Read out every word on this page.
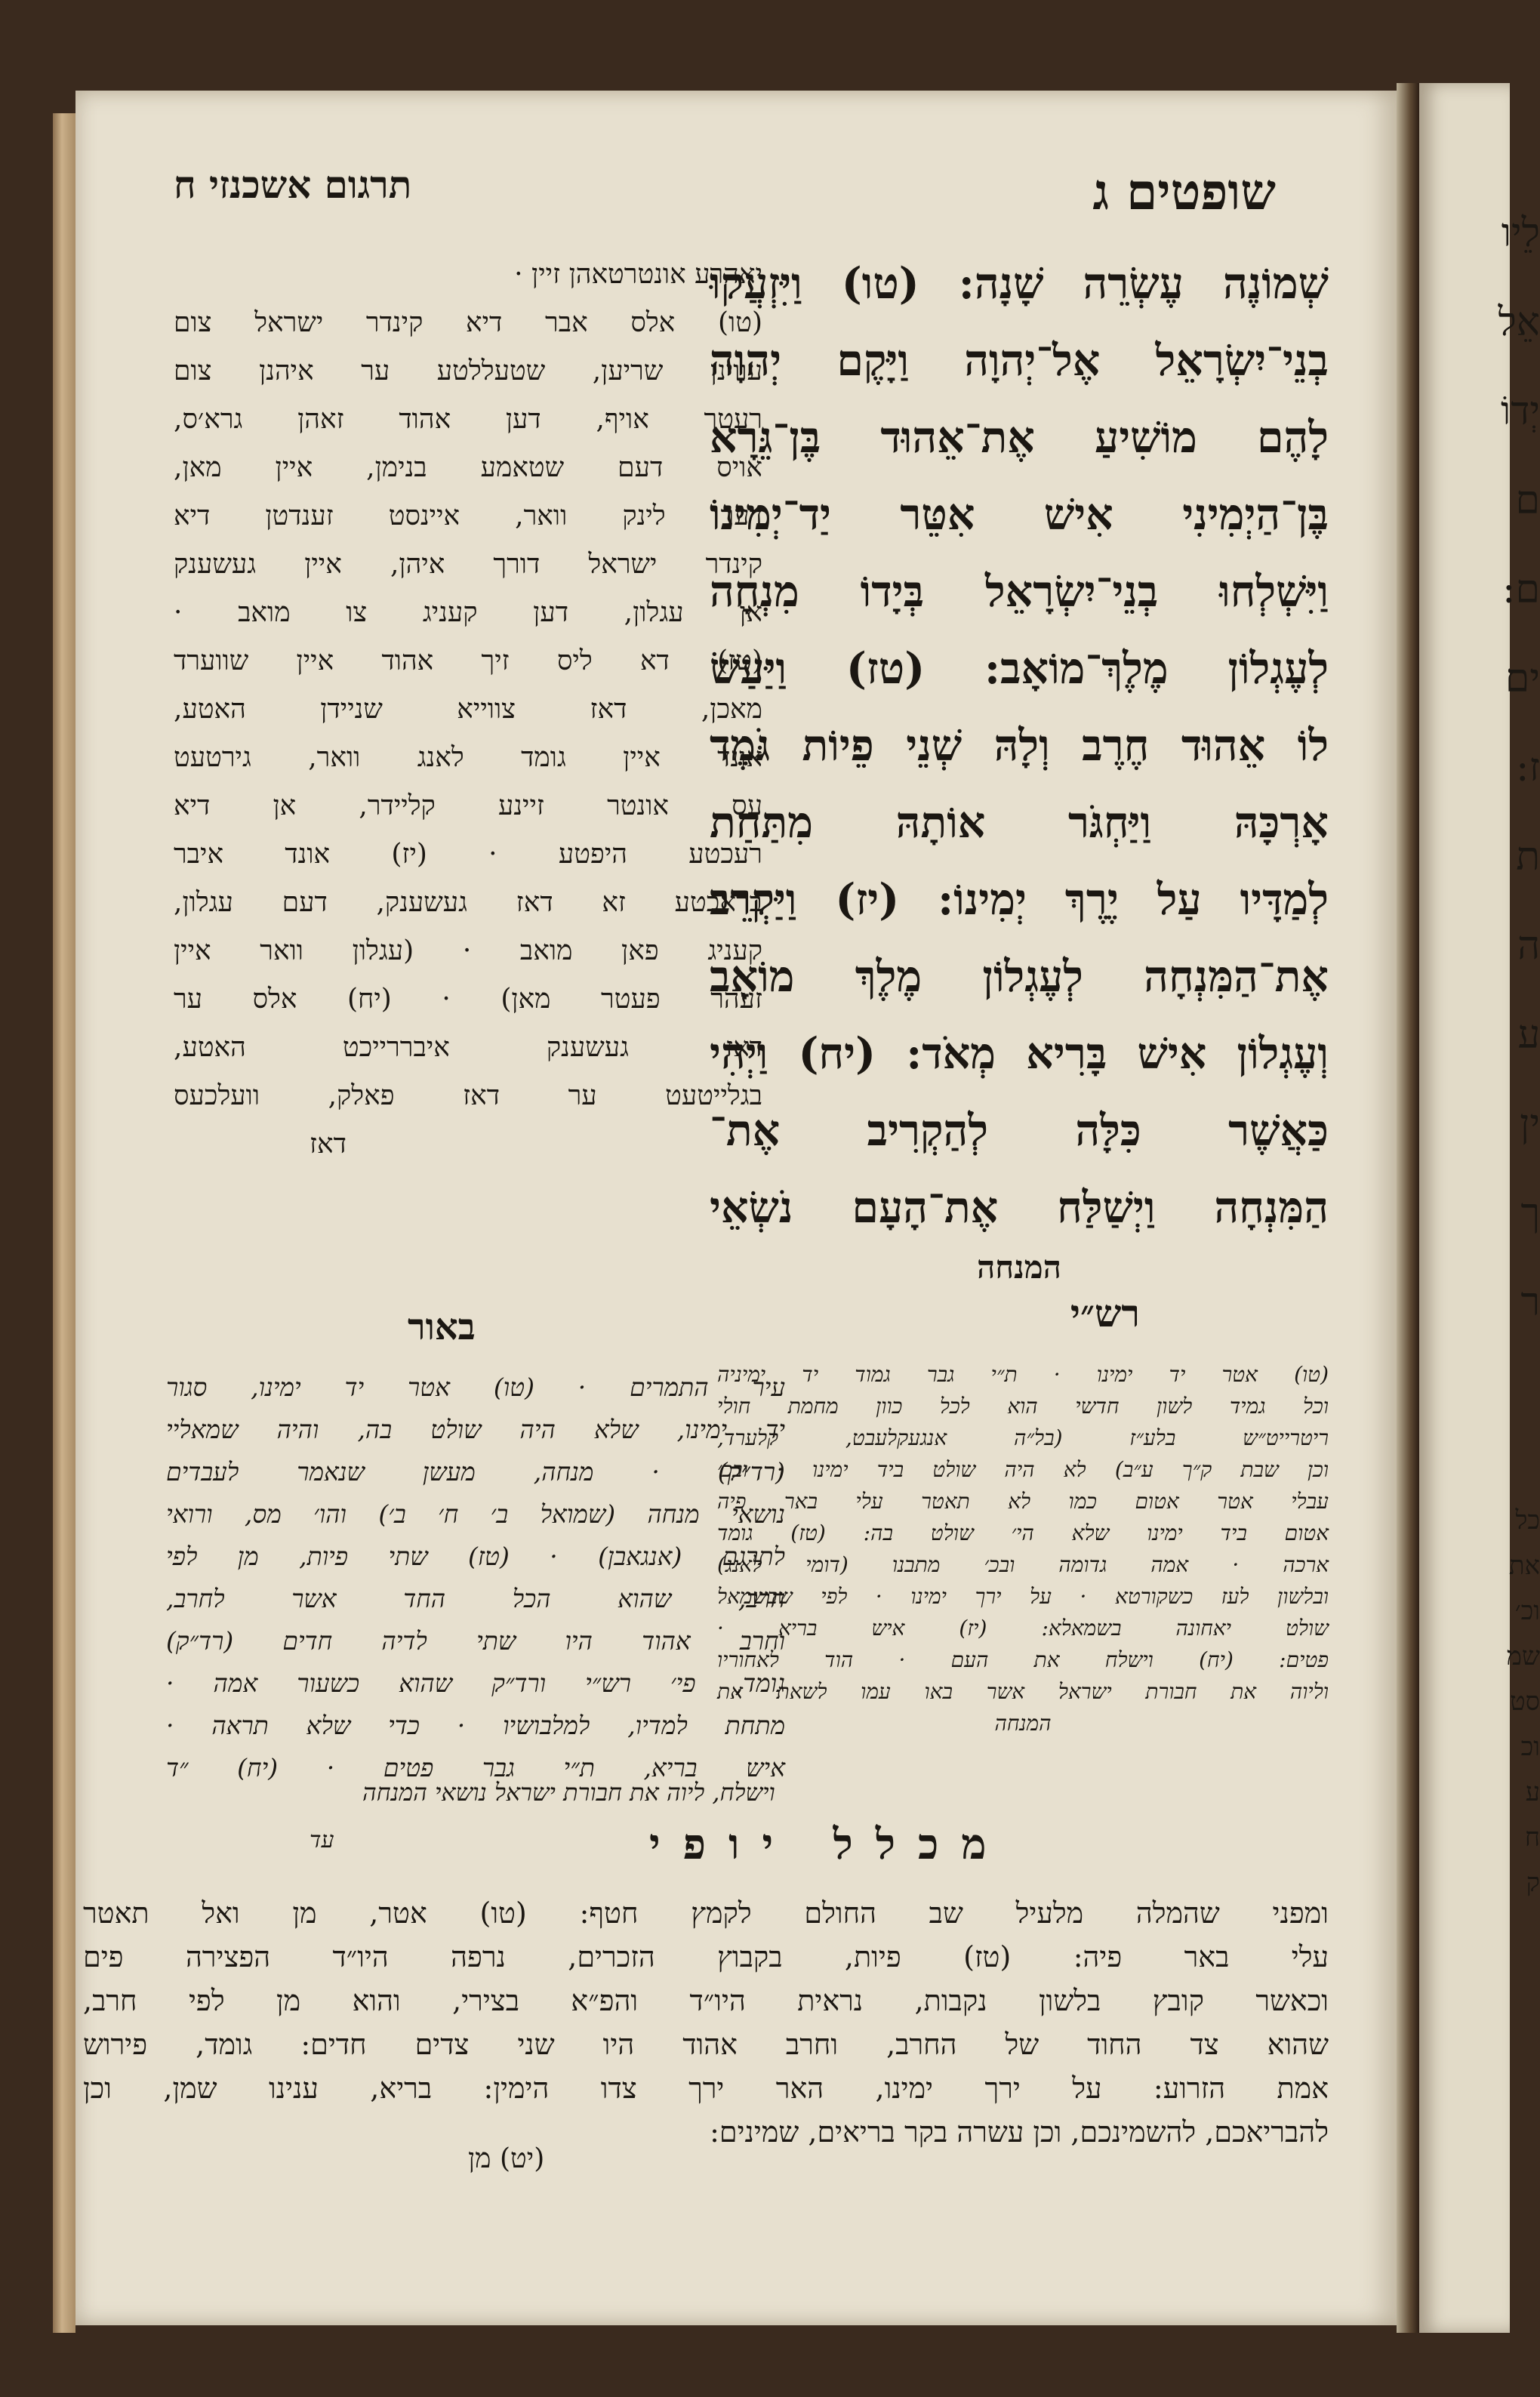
שופטים ג
תרגום אשכנזי ח
שְׁמוֹנֶה עֶשְׂרֵה שָׁנָה: (טו) וַיִּזְעֲקוּ
בְנֵי־יִשְׂרָאֵל אֶל־יְהוָה וַיָּקֶם יְהוָה
לָהֶם מוֹשִׁיעַ אֶת־אֵהוּד בֶּן־גֵּרָא
בֶּן־הַיְמִינִי אִישׁ אִטֵּר יַד־יְמִינוֹ
וַיִּשְׁלְחוּ בְנֵי־יִשְׂרָאֵל בְּיָדוֹ מִנְחָה
לְעֶגְלוֹן מֶלֶךְ־מוֹאָב: (טז) וַיַּעַשׂ
לוֹ אֵהוּד חֶרֶב וְלָהּ שְׁנֵי פֵיוֹת גֹּמֶד
אָרְכָּהּ וַיַּחְגֹּר אוֹתָהּ מִתַּחַת
לְמַדָּיו עַל יֶרֶךְ יְמִינוֹ: (יז) וַיַּקְרֵב
אֶת־הַמִּנְחָה לְעֶגְלוֹן מֶלֶךְ מוֹאָב
וְעֶגְלוֹן אִישׁ בָּרִיא מְאֹד: (יח) וַיְהִי
כַּאֲשֶׁר כִּלָּה לְהַקְרִיב אֶת־
הַמִּנְחָה וַיְשַׁלַּח אֶת־הָעָם נֹשְׂאֵי
המנחה
יאהרע אונטרטאהן זיין ·
(טו) אלס אבר דיא קינדר ישראל צום
עווינן שריען, שטעללטע ער איהנן צום
רעטר אויף, דען אהוד זאהן גרא׳ס,
אויס דעם שטאמע בנימן, איין מאן,
דער לינק וואר, איינסט זענדטן דיא
קינדר ישראל דורך איהן, איין געשענק
אן עגלון, דען קעניג צו מואב ·
(טז) דא ליס זיך אהוד איין שווערד
מאכן, דאז צווייא שניידן האטע,
אונד איין גומד לאנג וואר, גירטעט
עס אונטר זיינע קליידר, אן דיא
רעכטע היפטע · (יז) אונד איבר
בראכטע זא דאז געשענק, דעם עגלון,
קעניג פאן מואב · (עגלון וואר איין
זעהר פעטר מאן) · (יח) אלס ער
דאז געשענק איבררייכט האטע,
בגלייטעט ער דאז פאלק, וועלכעס
דאז
רש״י
באור
(טו) אטר יד ימינו · ת״י גבר גמוד יד ימיניה
וכל גמיד לשון חדשי הוא לכל כוון מחמת חולי
ריטרייט״ש בלע״ז (בל״ה אנגעקלעבט, קלערד,
וכן שבת ק״ך ע״ב) לא היה שולט ביד ימינו · ובכ׳
עבלי אטר אטום כמו לא תאטר עלי באר פיה
אטום ביד ימינו שלא הי׳ שולט בה: (טז) גומד
ארכה · אמה גדומה ובכ׳ מתבנו (דומי לאנג)
ובלשון לעז כשקורטא · על ירך ימינו · לפי שבשמאל
שולט יאחונה בשמאלא: (יז) איש בריא ·
פטים: (יח) וישלח את העם · הוד לאחוריו
וליוה את חבורת ישראל אשר באו עמו לשאת את
המנחה
עיר התמרים · (טו) אטר יד ימינו, סגור
יד ימינו, שלא היה שולט בה, והיה שמאליי
(רד״ק) · מנחה, מעשן שנאמר לעבדים
נושאי מנחה (שמואל ב׳ ח׳ ב׳) והו׳ מס, ורואי
לתרגם (אנגאבן) · (טז) שתי פיות, מן לפי
חרב, שהוא הכל החד אשר לחרב,
וחרב אהוד היו שתי לדיה חדים (רד״ק)
גומד, פי׳ רש״י ורד״ק שהוא כשעור אמה ·
מתחת למדיו, למלבושיו · כדי שלא תראה ·
איש בריא, ת״י גבר פטים · (יח) ״ד
וישלח, ליוה את חבורת ישראל נושאי המנחה
עד	מכלל יופי
ומפני שהמלה מלעיל שב החולם לקמץ חטף: (טו) אטר, מן ואל תאטר
עלי באר פיה: (טז) פיות, בקבוץ הזכרים, נרפה היו״ד הפצירה פים
וכאשר קובץ בלשון נקבות, נראית היו״ד והפ״א בצירי, והוא מן לפי חרב,
שהוא צד החוד של החרב, וחרב אהוד היו שני צדים חדים: גומד, פירוש
אמת הזרוע: על ירך ימינו, האר ירך צדו הימין: בריא, ענינו שמן, וכן
להבריאכם, להשמינכם, וכן עשרה בקר בריאים, שמינים:
(יט) מן
לֵיו
אֵל
יְדוֹ
ם
ם:
ים
ז:
ת
ה
ע
ין
ך
ר
כל
את
וכ׳
שמ
סט
וכ
ע
ח
ק
